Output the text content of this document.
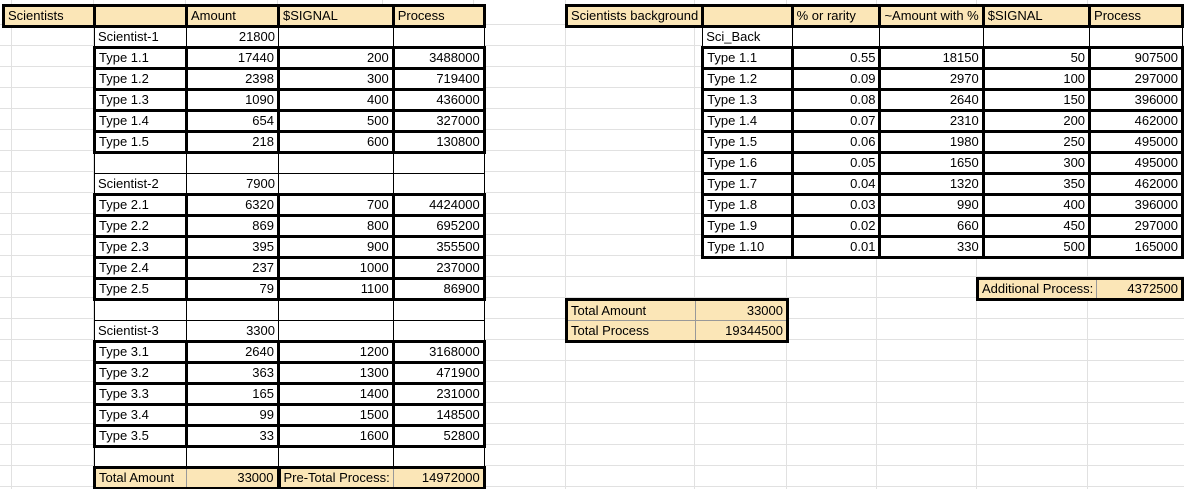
Scientists		Amount	$SIGNAL	Process
	Scientist-1	21800		
	Type 1.1	17440	200	3488000
	Type 1.2	2398	300	719400
	Type 1.3	1090	400	436000
	Type 1.4	654	500	327000
	Type 1.5	218	600	130800

	Scientist-2	7900		
	Type 2.1	6320	700	4424000
	Type 2.2	869	800	695200
	Type 2.3	395	900	355500
	Type 2.4	237	1000	237000
	Type 2.5	79	1100	86900

	Scientist-3	3300		
	Type 3.1	2640	1200	3168000
	Type 3.2	363	1300	471900
	Type 3.3	165	1400	231000
	Type 3.4	99	1500	148500
	Type 3.5	33	1600	52800

	Total Amount	33000	Pre-Total Process:	14972000
Scientists background		% or rarity	~Amount with %	$SIGNAL	Process
	Sci_Back				
	Type 1.1	0.55	18150	50	907500
	Type 1.2	0.09	2970	100	297000
	Type 1.3	0.08	2640	150	396000
	Type 1.4	0.07	2310	200	462000
	Type 1.5	0.06	1980	250	495000
	Type 1.6	0.05	1650	300	495000
	Type 1.7	0.04	1320	350	462000
	Type 1.8	0.03	990	400	396000
	Type 1.9	0.02	660	450	297000
	Type 1.10	0.01	330	500	165000
Additional Process:	4372500
Total Amount	33000
Total Process	19344500
